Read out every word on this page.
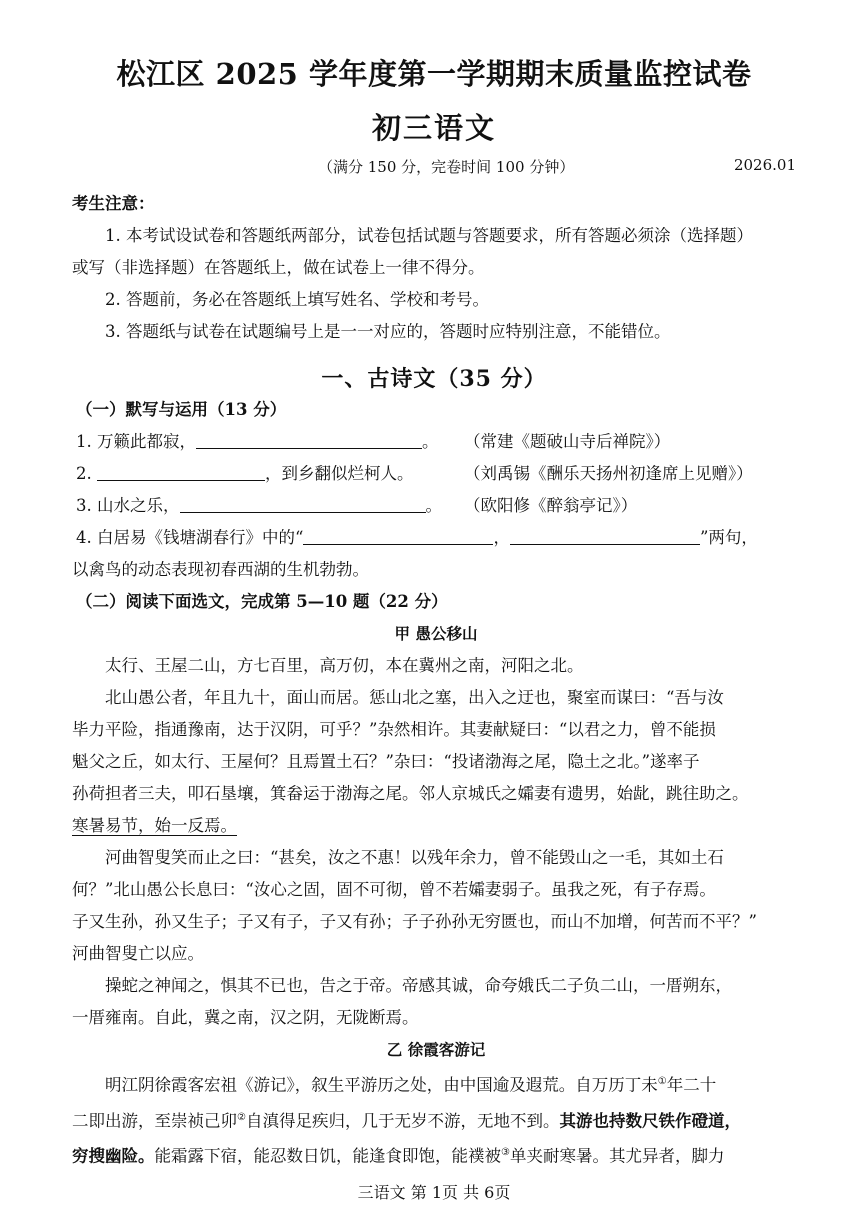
松江区 2025 学年度第一学期期末质量监控试卷
初三语文
（满分 150 分，完卷时间 100 分钟）	2026.01
考生注意：
1. 本考试设试卷和答题纸两部分，试卷包括试题与答题要求，所有答题必须涂（选择题）
或写（非选择题）在答题纸上，做在试卷上一律不得分。
2. 答题前，务必在答题纸上填写姓名、学校和考号。
3. 答题纸与试卷在试题编号上是一一对应的，答题时应特别注意，不能错位。
一、古诗文（35 分）
（一）默写与运用（13 分）
1. 万籁此都寂，	。 （常建《题破山寺后禅院》）
2.	，到乡翻似烂柯人。	（刘禹锡《酬乐天扬州初逢席上见赠》）
3. 山水之乐，	。 （欧阳修《醉翁亭记》）
4. 白居易《钱塘湖春行》中的“	，	”两句，
以禽鸟的动态表现初春西湖的生机勃勃。
（二）阅读下面选文，完成第 5—10 题（22 分）
甲 愚公移山
太行、王屋二山，方七百里，高万仞，本在冀州之南，河阳之北。
北山愚公者，年且九十，面山而居。惩山北之塞，出入之迂也，聚室而谋曰：“吾与汝
毕力平险，指通豫南，达于汉阴，可乎？”杂然相许。其妻献疑曰：“以君之力，曾不能损
魁父之丘，如太行、王屋何？且焉置土石？”杂曰：“投诸渤海之尾，隐土之北。”遂率子
孙荷担者三夫，叩石垦壤，箕畚运于渤海之尾。邻人京城氏之孀妻有遗男，始龀，跳往助之。
寒暑易节，始一反焉。
河曲智叟笑而止之曰：“甚矣，汝之不惠！以残年余力，曾不能毁山之一毛，其如土石
何？”北山愚公长息曰：“汝心之固，固不可彻，曾不若孀妻弱子。虽我之死，有子存焉。
子又生孙，孙又生子；子又有子，子又有孙；子子孙孙无穷匮也，而山不加增，何苦而不平？”
河曲智叟亡以应。
操蛇之神闻之，惧其不已也，告之于帝。帝感其诚，命夸娥氏二子负二山，一厝朔东，
一厝雍南。自此，冀之南，汉之阴，无陇断焉。
乙 徐霞客游记
明江阴徐霞客宏祖《游记》，叙生平游历之处，由中国逾及遐荒。自万历丁未①年二十
二即出游，至崇祯己卯②自滇得足疾归，几于无岁不游，无地不到。其游也持数尺铁作磴道，
穷搜幽险。能霜露下宿，能忍数日饥，能逢食即饱，能襆被③单夹耐寒暑。其尤异者，脚力
三语文 第 1页 共 6页
